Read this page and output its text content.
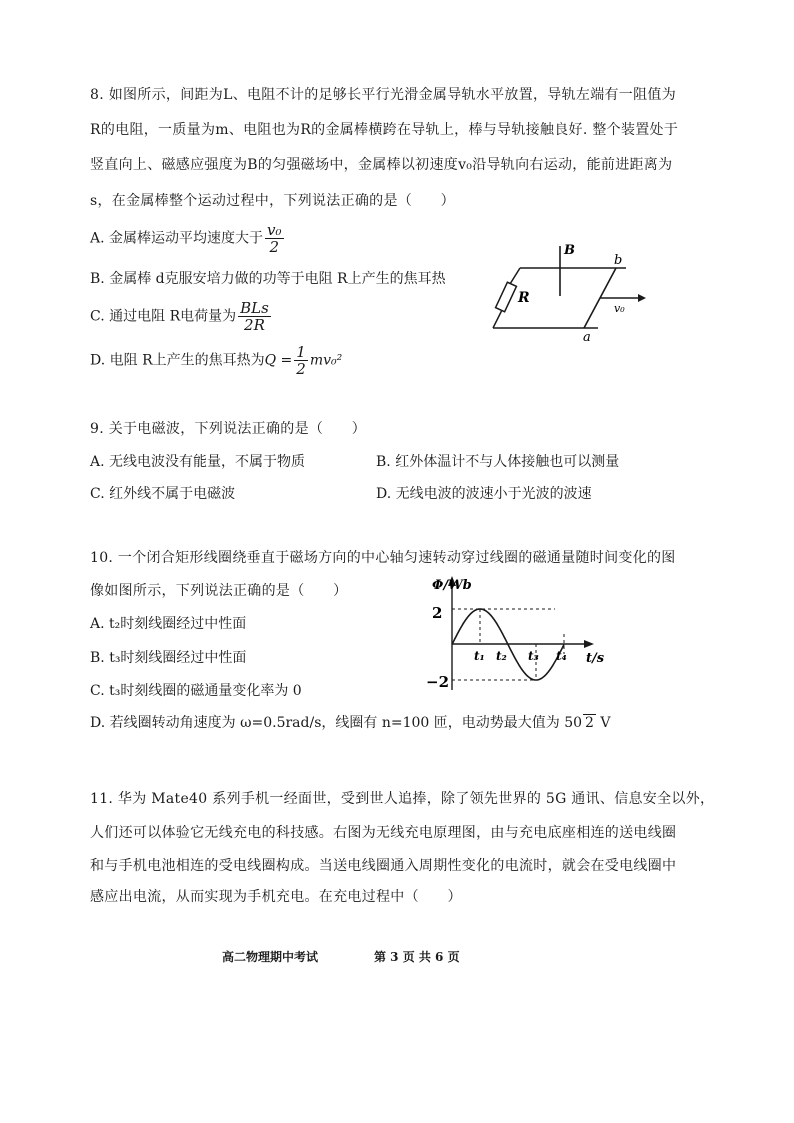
8. 如图所示，间距为L、电阻不计的足够长平行光滑金属导轨水平放置，导轨左端有一阻值为
R的电阻，一质量为m、电阻也为R的金属棒横跨在导轨上，棒与导轨接触良好. 整个装置处于
竖直向上、磁感应强度为B的匀强磁场中，金属棒以初速度v₀沿导轨向右运动，能前进距离为
s，在金属棒整个运动过程中，下列说法正确的是（　　）
A. 金属棒运动平均速度大于 $\frac{\text{v₀}}{2}$
B. 金属棒 d克服安培力做的功等于电阻 R上产生的焦耳热
C. 通过电阻 R电荷量为 $\frac{\text{BLs}}{2R}$
D. 电阻 R上产生的焦耳热为$Q = \frac{1}{2} mv_0^2$
R
B
b
a
v₀
9. 关于电磁波，下列说法正确的是（　　）
A. 无线电波没有能量，不属于物质	B. 红外体温计不与人体接触也可以测量
C. 红外线不属于电磁波	D. 无线电波的波速小于光波的波速
10. 一个闭合矩形线圈绕垂直于磁场方向的中心轴匀速转动穿过线圈的磁通量随时间变化的图
像如图所示，下列说法正确的是（　　）
A. t₂时刻线圈经过中性面
B. t₃时刻线圈经过中性面
C. t₃时刻线圈的磁通量变化率为 0
D. 若线圈转动角速度为 ω=0.5rad/s，线圈有 n=100 匝，电动势最大值为 50 2 V
Φ/Wb
t/s
2
−2
t₁ t₂ t₃ t₄
11. 华为 Mate40 系列手机一经面世，受到世人追捧，除了领先世界的 5G 通讯、信息安全以外，
人们还可以体验它无线充电的科技感。右图为无线充电原理图，由与充电底座相连的送电线圈
和与手机电池相连的受电线圈构成。当送电线圈通入周期性变化的电流时，就会在受电线圈中
感应出电流，从而实现为手机充电。在充电过程中（　　）
高二物理期中考试	第 3 页 共 6 页
